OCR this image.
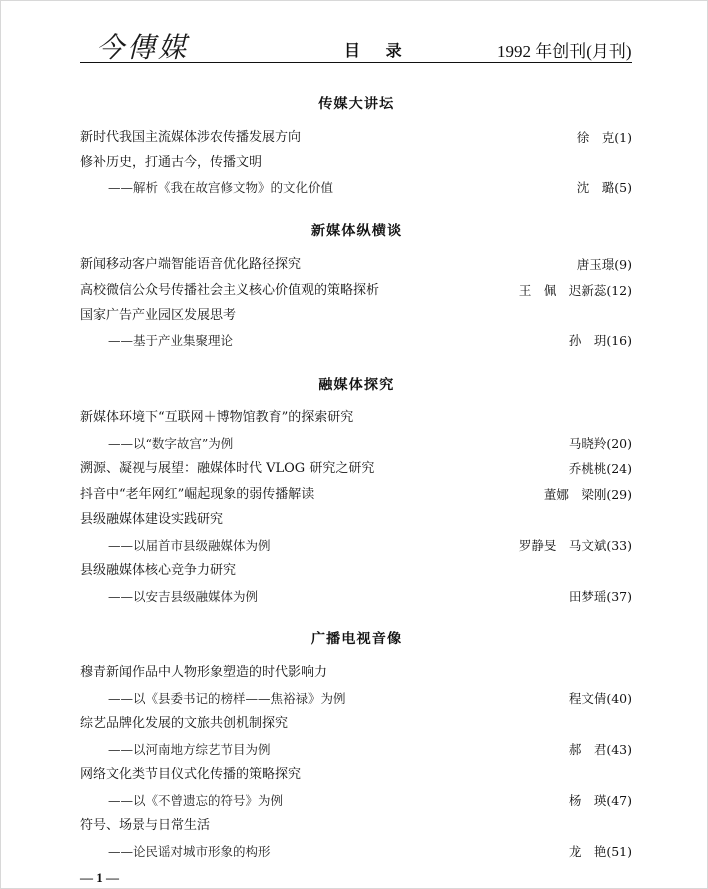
今傳媒	目 录	1992 年创刊(月刊)
传媒大讲坛
新时代我国主流媒体涉农传播发展方向	徐　克(1)
修补历史，打通古今，传播文明
——解析《我在故宫修文物》的文化价值	沈　璐(5)
新媒体纵横谈
新闻移动客户端智能语音优化路径探究	唐玉璟(9)
高校微信公众号传播社会主义核心价值观的策略探析	王　佩　迟新蕊(12)
国家广告产业园区发展思考
——基于产业集聚理论	孙　玥(16)
融媒体探究
新媒体环境下“互联网＋博物馆教育”的探索研究
——以“数字故宫”为例	马晓羚(20)
溯源、凝视与展望：融媒体时代 VLOG 研究之研究	乔桃桃(24)
抖音中“老年网红”崛起现象的弱传播解读	董娜　梁刚(29)
县级融媒体建设实践研究
——以届首市县级融媒体为例	罗静旻　马文斌(33)
县级融媒体核心竞争力研究
——以安吉县级融媒体为例	田梦瑶(37)
广播电视音像
穆青新闻作品中人物形象塑造的时代影响力
——以《县委书记的榜样——焦裕禄》为例	程文倩(40)
综艺品牌化发展的文旅共创机制探究
——以河南地方综艺节目为例	郝　君(43)
网络文化类节目仪式化传播的策略探究
——以《不曾遗忘的符号》为例	杨　瑛(47)
符号、场景与日常生活
——论民谣对城市形象的构形	龙　艳(51)
— 1 —
